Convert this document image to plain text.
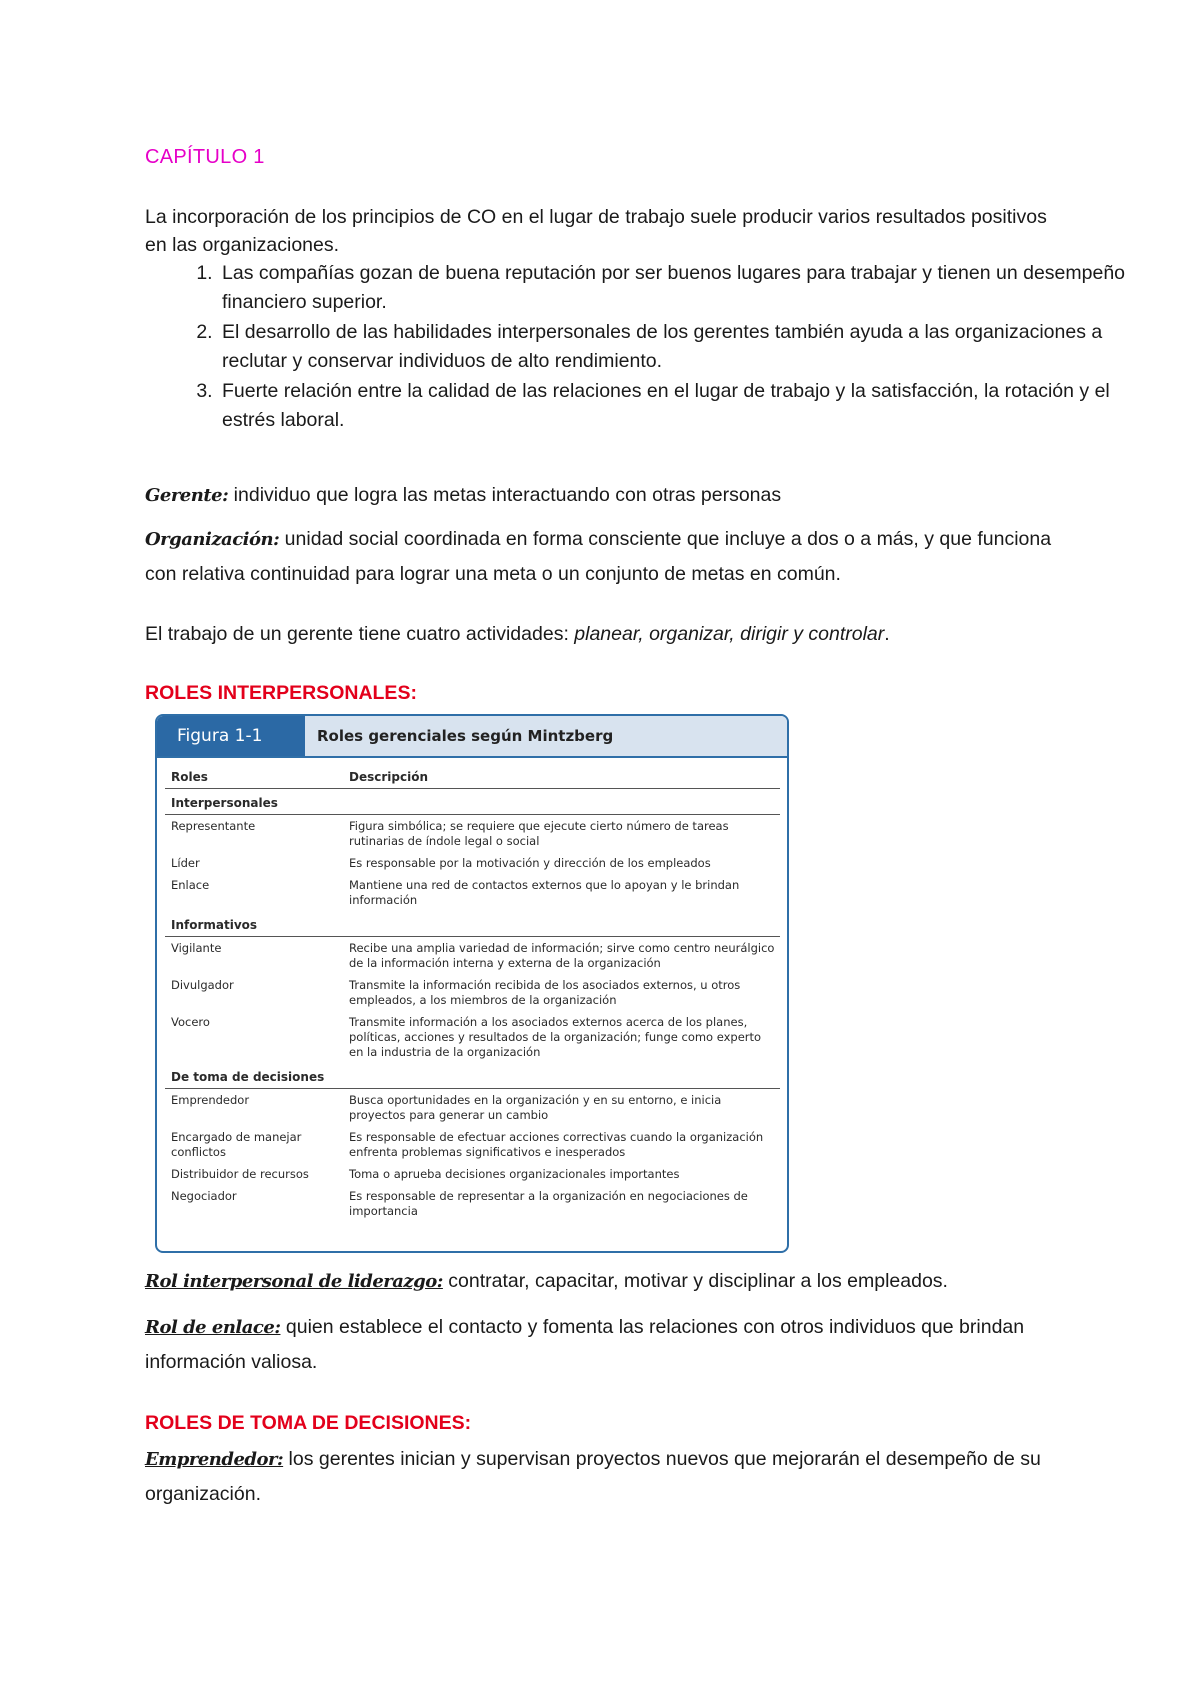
CAPÍTULO 1

La incorporación de los principios de CO en el lugar de trabajo suele producir varios resultados positivos en las organizaciones.

1. Las compañías gozan de buena reputación por ser buenos lugares para trabajar y tienen un desempeño financiero superior.
2. El desarrollo de las habilidades interpersonales de los gerentes también ayuda a las organizaciones a reclutar y conservar individuos de alto rendimiento.
3. Fuerte relación entre la calidad de las relaciones en el lugar de trabajo y la satisfacción, la rotación y el estrés laboral.

Gerente: individuo que logra las metas interactuando con otras personas

Organización: unidad social coordinada en forma consciente que incluye a dos o a más, y que funciona con relativa continuidad para lograr una meta o un conjunto de metas en común.

El trabajo de un gerente tiene cuatro actividades: planear, organizar, dirigir y controlar.

ROLES INTERPERSONALES:
Figura 1-1	Roles gerenciales según Mintzberg
Roles	Descripción
Interpersonales	
Representante	Figura simbólica; se requiere que ejecute cierto número de tareas rutinarias de índole legal o social
Líder	Es responsable por la motivación y dirección de los empleados
Enlace	Mantiene una red de contactos externos que lo apoyan y le brindan información
Informativos	
Vigilante	Recibe una amplia variedad de información; sirve como centro neurálgico de la información interna y externa de la organización
Divulgador	Transmite la información recibida de los asociados externos, u otros empleados, a los miembros de la organización
Vocero	Transmite información a los asociados externos acerca de los planes, políticas, acciones y resultados de la organización; funge como experto en la industria de la organización
De toma de decisiones	
Emprendedor	Busca oportunidades en la organización y en su entorno, e inicia proyectos para generar un cambio
Encargado de manejar conflictos	Es responsable de efectuar acciones correctivas cuando la organización enfrenta problemas significativos e inesperados
Distribuidor de recursos	Toma o aprueba decisiones organizacionales importantes
Negociador	Es responsable de representar a la organización en negociaciones de importancia

Rol interpersonal de liderazgo: contratar, capacitar, motivar y disciplinar a los empleados.

Rol de enlace: quien establece el contacto y fomenta las relaciones con otros individuos que brindan información valiosa.

ROLES DE TOMA DE DECISIONES:

Emprendedor: los gerentes inician y supervisan proyectos nuevos que mejorarán el desempeño de su organización.
